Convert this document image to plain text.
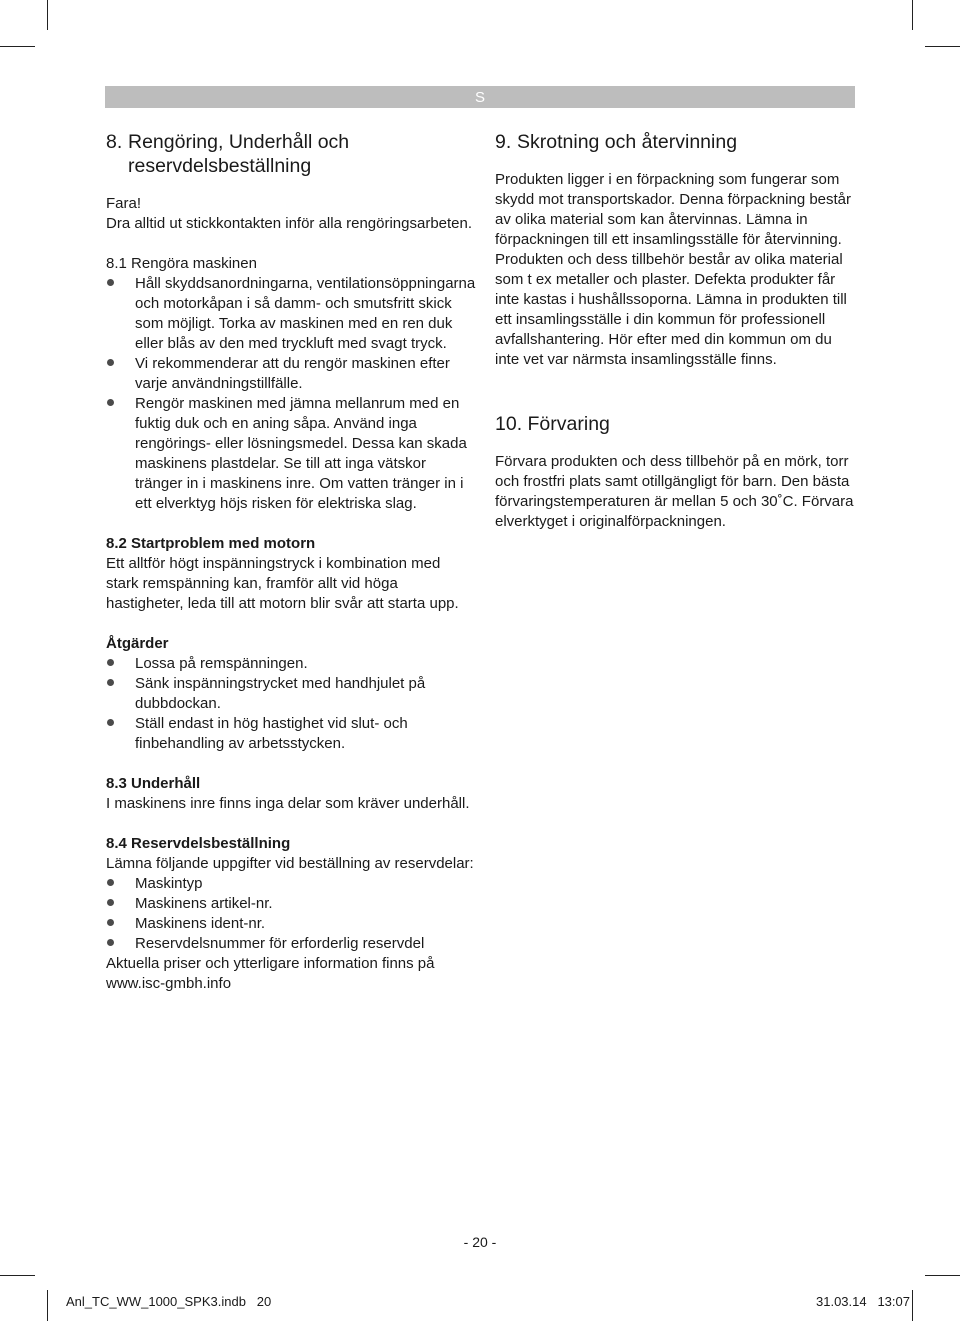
S
8. Rengöring, Underhåll och reservdelsbeställning

Fara!

Dra alltid ut stickkontakten inför alla rengöringsarbeten.

8.1 Rengöra maskinen

Håll skyddsanordningarna, ventilationsöppningarna och motorkåpan i så damm- och smutsfritt skick som möjligt. Torka av maskinen med en ren duk eller blås av den med tryckluft med svagt tryck.
Vi rekommenderar att du rengör maskinen efter varje användningstillfälle.
Rengör maskinen med jämna mellanrum med en fuktig duk och en aning såpa. Använd inga rengörings- eller lösningsmedel. Dessa kan skada maskinens plastdelar. Se till att inga vätskor tränger in i maskinens inre. Om vatten tränger in i ett elverktyg höjs risken för elektriska slag.
8.2 Startproblem med motorn

Ett alltför högt inspänningstryck i kombination med stark remspänning kan, framför allt vid höga hastigheter, leda till att motorn blir svår att starta upp.

Åtgärder
Lossa på remspänningen.
Sänk inspänningstrycket med handhjulet på dubbdockan.
Ställ endast in hög hastighet vid slut- och finbehandling av arbetsstycken.
8.3 Underhåll

I maskinens inre finns inga delar som kräver underhåll.

8.4 Reservdelsbeställning

Lämna följande uppgifter vid beställning av reservdelar:

Maskintyp
Maskinens artikel-nr.
Maskinens ident-nr.
Reservdelsnummer för erforderlig reservdel

Aktuella priser och ytterligare information finns på www.isc-gmbh.info

9. Skrotning och återvinning

Produkten ligger i en förpackning som fungerar som skydd mot transportskador. Denna förpackning består av olika material som kan återvinnas. Lämna in förpackningen till ett insamlingsställe för återvinning. Produkten och dess tillbehör består av olika material som t ex metaller och plaster. Defekta produkter får inte kastas i hushållssoporna. Lämna in produkten till ett insamlingsställe i din kommun för professionell avfallshantering. Hör efter med din kommun om du inte vet var närmsta insamlingsställe finns.

10. Förvaring

Förvara produkten och dess tillbehör på en mörk, torr och frostfri plats samt otillgängligt för barn. Den bästa förvaringstemperaturen är mellan 5 och 30˚C. Förvara elverktyget i originalförpackningen.

- 20 -
Anl_TC_WW_1000_SPK3.indb   20	31.03.14   13:07
